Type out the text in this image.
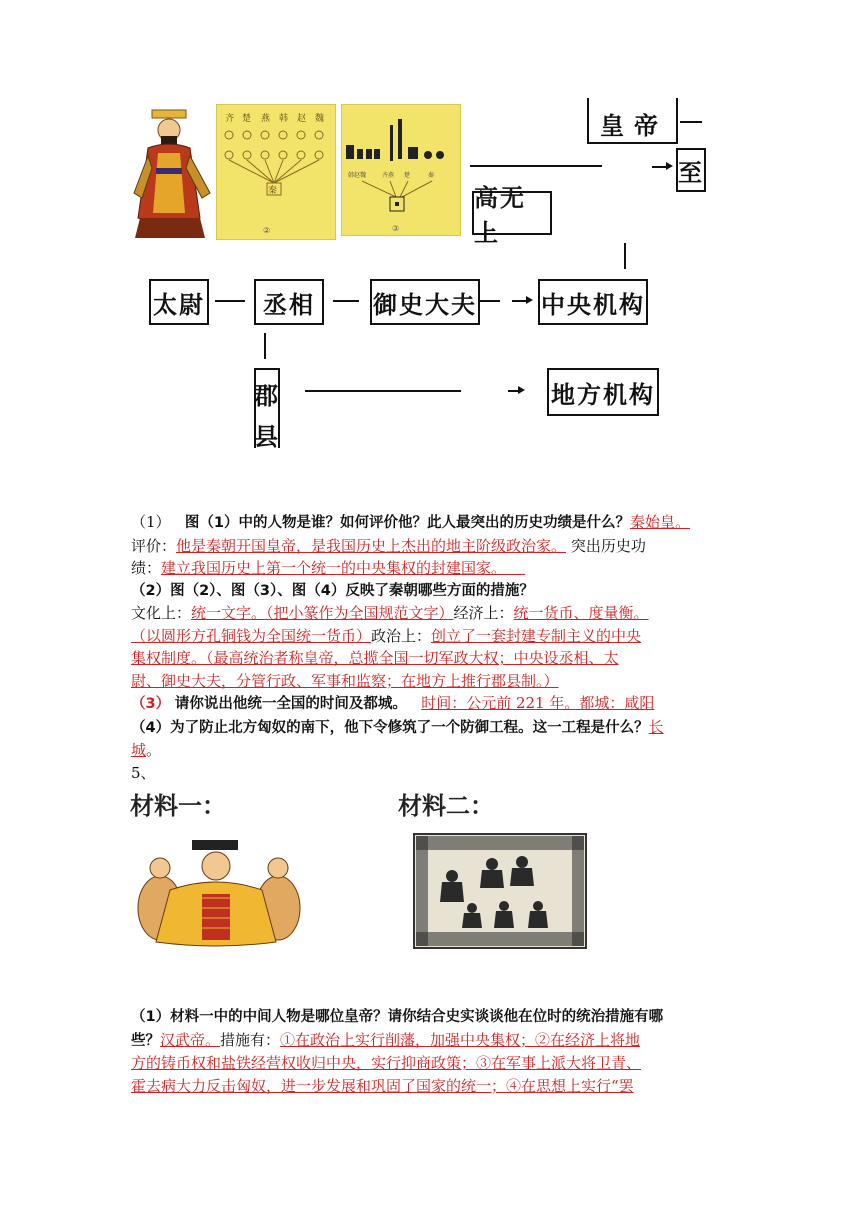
齐 楚 燕 韩 赵 魏
秦
②
韩赵魏	齐燕 楚	秦
③
皇帝
至
高无上
太尉	丞相	御史大夫	中央机构
郡
县
地方机构
（1） 图（1）中的人物是谁？如何评价他？此人最突出的历史功绩是什么？秦始皇。
评价：他是秦朝开国皇帝，是我国历史上杰出的地主阶级政治家。 突出历史功
绩：建立我国历史上第一个统一的中央集权的封建国家。
（2）图（2）、图（3）、图（4）反映了秦朝哪些方面的措施？
文化上：统一文字。（把小篆作为全国规范文字）经济上：统一货币、度量衡。
（以圆形方孔铜钱为全国统一货币）政治上：创立了一套封建专制主义的中央
集权制度。（最高统治者称皇帝，总揽全国一切军政大权；中央设丞相、太
尉、御史大夫，分管行政、军事和监察；在地方上推行郡县制。）
（3） 请你说出他统一全国的时间及都城。 时间：公元前 221 年。都城：咸阳
（4）为了防止北方匈奴的南下，他下令修筑了一个防御工程。这一工程是什么？长
城。
5、
材料一：	材料二：
（1）材料一中的中间人物是哪位皇帝？请你结合史实谈谈他在位时的统治措施有哪
些？汉武帝。措施有：①在政治上实行削藩，加强中央集权；②在经济上将地
方的铸币权和盐铁经营权收归中央，实行抑商政策；③在军事上派大将卫青、
霍去病大力反击匈奴，进一步发展和巩固了国家的统一；④在思想上实行“罢
